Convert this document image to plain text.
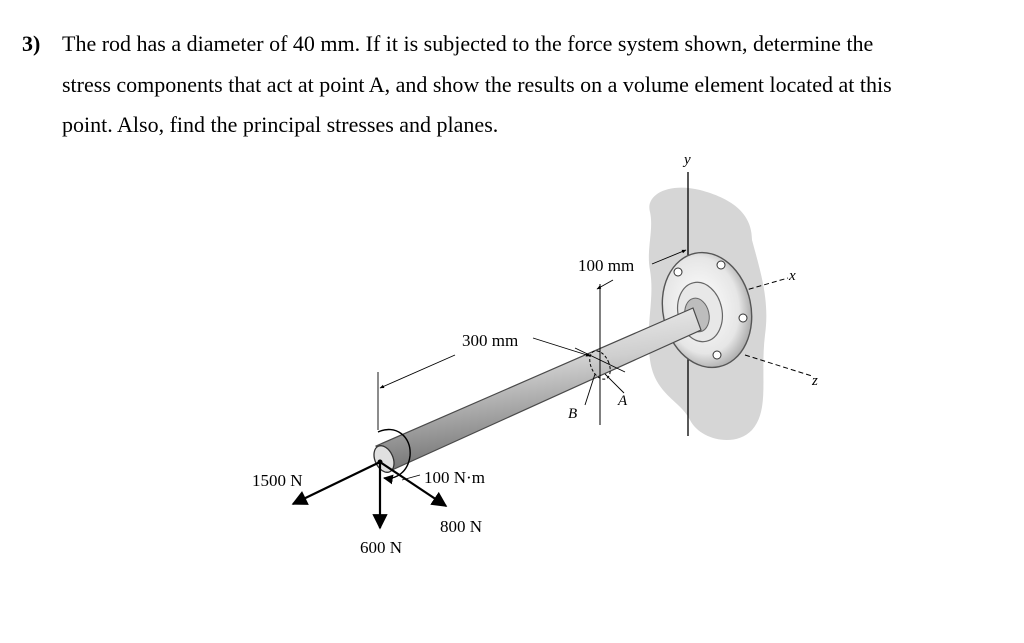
3) The rod has a diameter of 40 mm. If it is subjected to the force system shown, determine the
stress components that act at point A, and show the results on a volume element located at this
point. Also, find the principal stresses and planes.
y
x
z
100 mm
300 mm
A
B
1500 N	100 N·m
800 N
600 N
